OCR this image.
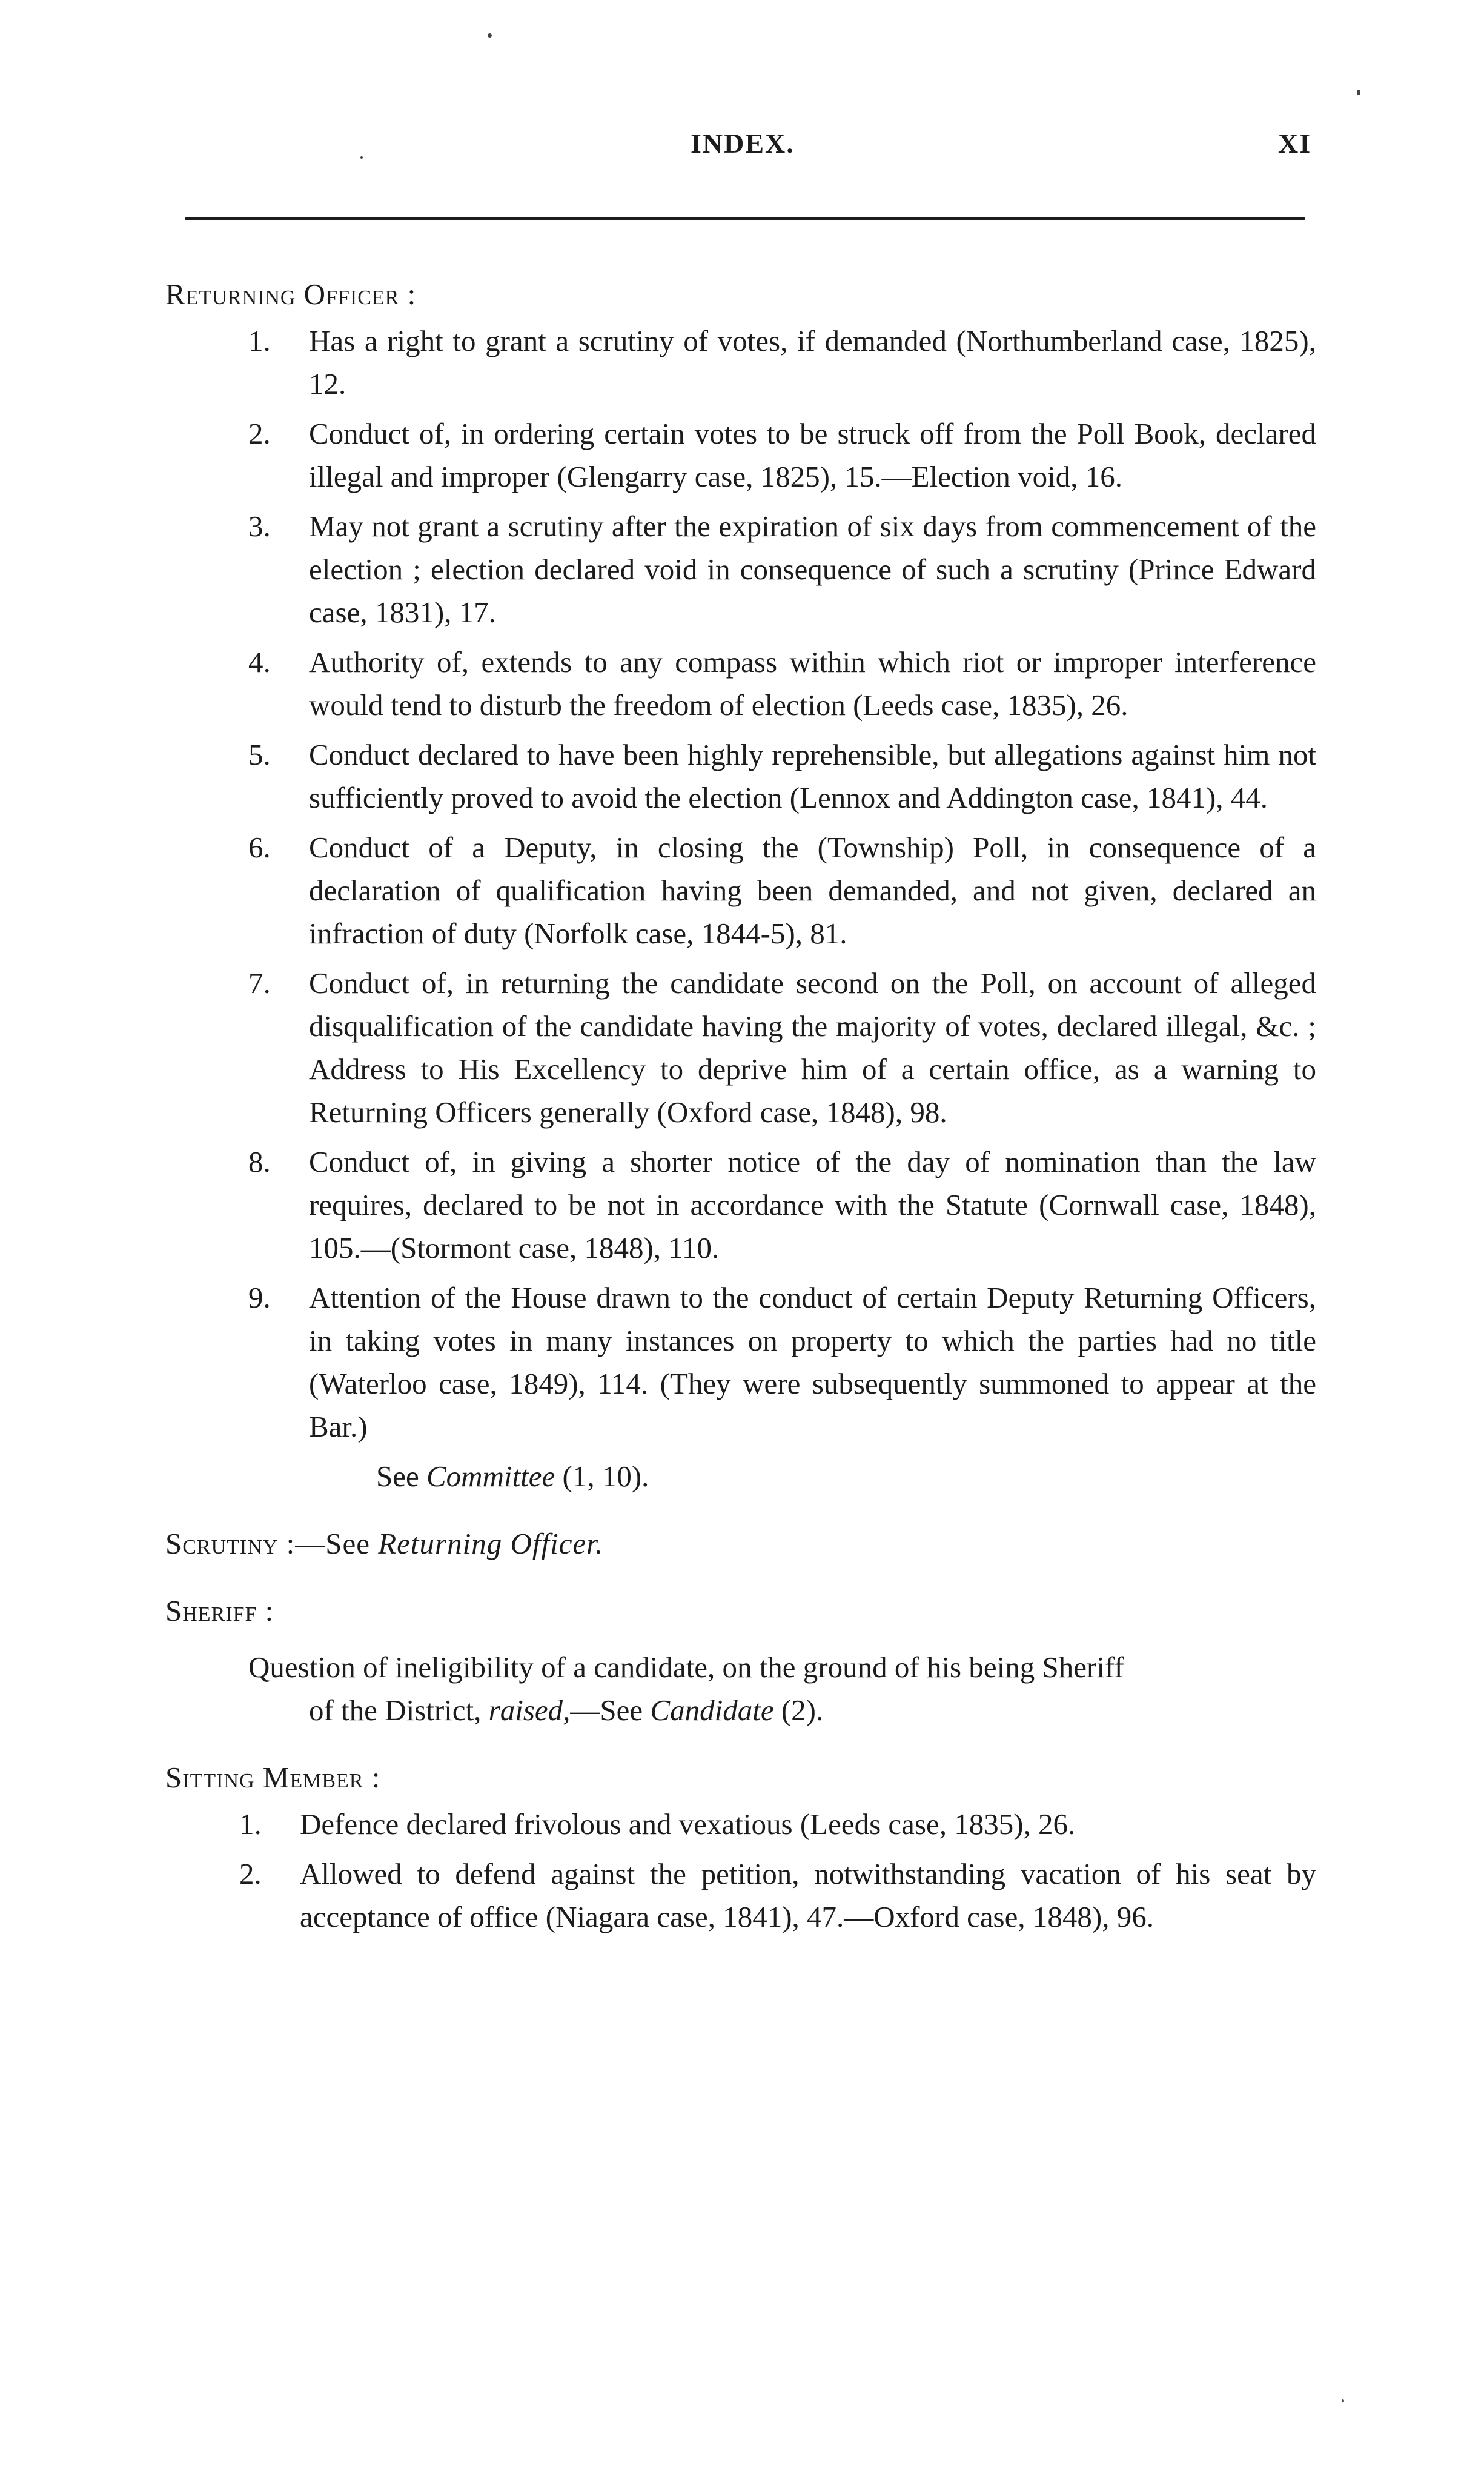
INDEX.	XI

Returning Officer :

1. Has a right to grant a scrutiny of votes, if demanded (Northumberland case, 1825), 12.
2. Conduct of, in ordering certain votes to be struck off from the Poll Book, declared illegal and improper (Glengarry case, 1825), 15.—Election void, 16.
3. May not grant a scrutiny after the expiration of six days from commencement of the election ; election declared void in consequence of such a scrutiny (Prince Edward case, 1831), 17.
4. Authority of, extends to any compass within which riot or improper interference would tend to disturb the freedom of election (Leeds case, 1835), 26.
5. Conduct declared to have been highly reprehensible, but allegations against him not sufficiently proved to avoid the election (Lennox and Addington case, 1841), 44.
6. Conduct of a Deputy, in closing the (Township) Poll, in consequence of a declaration of qualification having been demanded, and not given, declared an infraction of duty (Norfolk case, 1844-5), 81.
7. Conduct of, in returning the candidate second on the Poll, on account of alleged disqualification of the candidate having the majority of votes, declared illegal, &c. ; Address to His Excellency to deprive him of a certain office, as a warning to Returning Officers generally (Oxford case, 1848), 98.
8. Conduct of, in giving a shorter notice of the day of nomination than the law requires, declared to be not in accordance with the Statute (Cornwall case, 1848), 105.—(Stormont case, 1848), 110.
9. Attention of the House drawn to the conduct of certain Deputy Returning Officers, in taking votes in many instances on property to which the parties had no title (Waterloo case, 1849), 114. (They were subsequently summoned to appear at the Bar.)

See Committee (1, 10).

Scrutiny :—See Returning Officer.

Sheriff :

Question of ineligibility of a candidate, on the ground of his being Sheriff
of the District, raised,—See Candidate (2).

Sitting Member :

1. Defence declared frivolous and vexatious (Leeds case, 1835), 26.
2. Allowed to defend against the petition, notwithstanding vacation of his seat by acceptance of office (Niagara case, 1841), 47.—Oxford case, 1848), 96.
